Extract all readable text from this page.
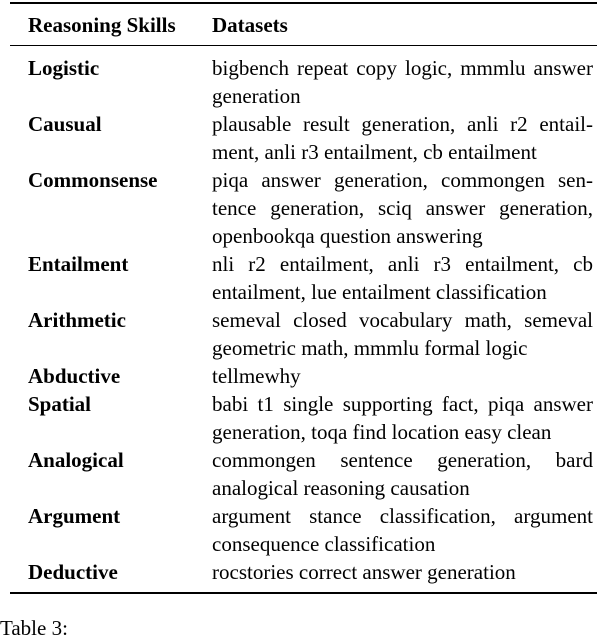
Reasoning Skills	Datasets
Logistic	bigbench repeat copy logic, mmmlu answer generation
Causual	plausable result generation, anli r2 entailment, anli r3 entailment, cb entailment
Commonsense	piqa answer generation, commongen sentence generation, sciq answer generation, openbookqa question answering
Entailment	nli r2 entailment, anli r3 entailment, cb entailment, lue entailment classification
Arithmetic	semeval closed vocabulary math, semeval geometric math, mmmlu formal logic
Abductive	tellmewhy
Spatial	babi t1 single supporting fact, piqa answer generation, toqa find location easy clean
Analogical	commongen sentence generation, bard analogical reasoning causation
Argument	argument stance classification, argument consequence classification
Deductive	rocstories correct answer generation
Table 3:
